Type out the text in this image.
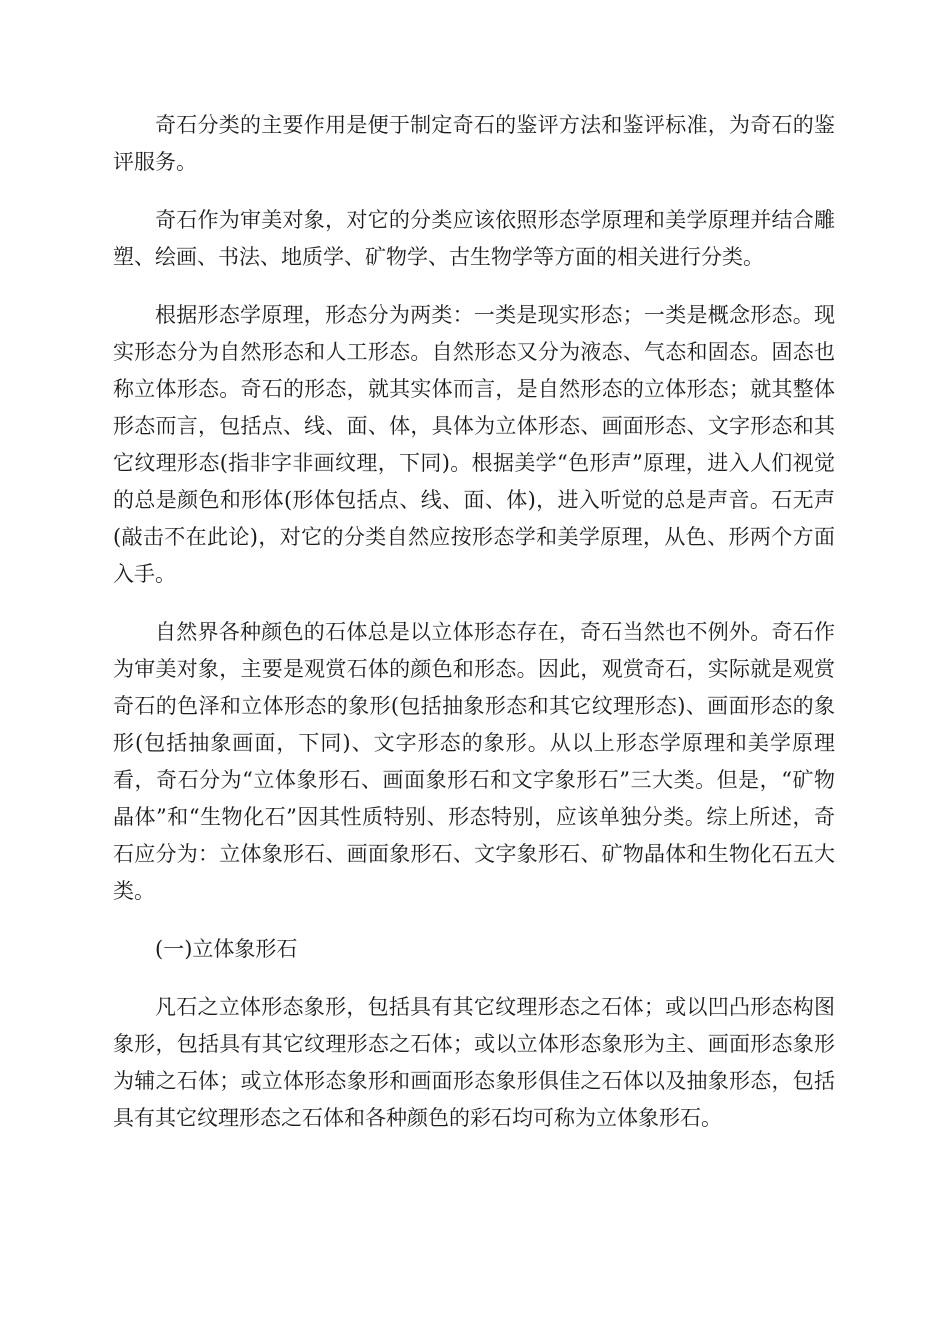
奇石分类的主要作用是便于制定奇石的鉴评方法和鉴评标准，为奇石的鉴评服务。

奇石作为审美对象，对它的分类应该依照形态学原理和美学原理并结合雕塑、绘画、书法、地质学、矿物学、古生物学等方面的相关进行分类。

根据形态学原理，形态分为两类：一类是现实形态；一类是概念形态。现实形态分为自然形态和人工形态。自然形态又分为液态、气态和固态。固态也称立体形态。奇石的形态，就其实体而言，是自然形态的立体形态；就其整体形态而言，包括点、线、面、体，具体为立体形态、画面形态、文字形态和其它纹理形态(指非字非画纹理，下同)。根据美学“色形声”原理，进入人们视觉的总是颜色和形体(形体包括点、线、面、体)，进入听觉的总是声音。石无声(敲击不在此论)，对它的分类自然应按形态学和美学原理，从色、形两个方面入手。

自然界各种颜色的石体总是以立体形态存在，奇石当然也不例外。奇石作为审美对象，主要是观赏石体的颜色和形态。因此，观赏奇石，实际就是观赏奇石的色泽和立体形态的象形(包括抽象形态和其它纹理形态)、画面形态的象形(包括抽象画面，下同)、文字形态的象形。从以上形态学原理和美学原理看，奇石分为“立体象形石、画面象形石和文字象形石”三大类。但是，“矿物晶体”和“生物化石”因其性质特别、形态特别，应该单独分类。综上所述，奇石应分为：立体象形石、画面象形石、文字象形石、矿物晶体和生物化石五大类。

(一)立体象形石

凡石之立体形态象形，包括具有其它纹理形态之石体；或以凹凸形态构图象形，包括具有其它纹理形态之石体；或以立体形态象形为主、画面形态象形为辅之石体；或立体形态象形和画面形态象形俱佳之石体以及抽象形态，包括具有其它纹理形态之石体和各种颜色的彩石均可称为立体象形石。
